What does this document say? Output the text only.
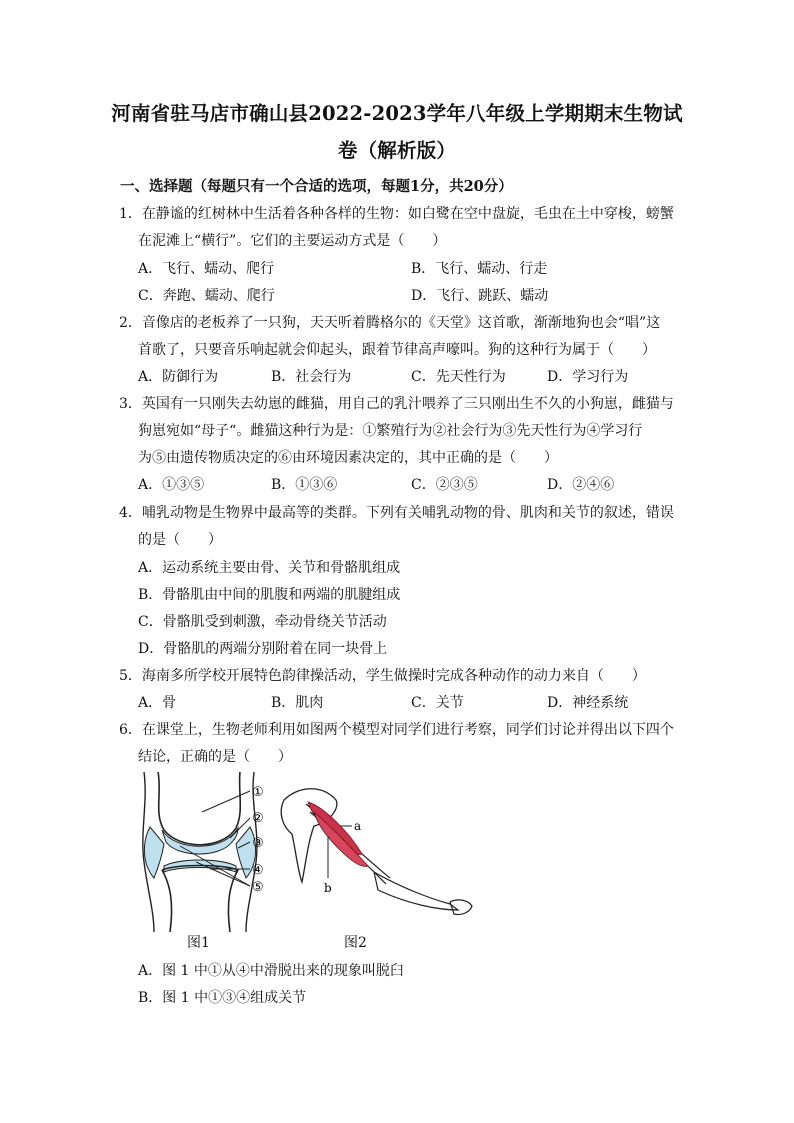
河南省驻马店市确山县2022-2023学年八年级上学期期末生物试
卷（解析版）
一、选择题（每题只有一个合适的选项，每题1分，共20分）
1．在静谧的红树林中生活着各种各样的生物：如白鹭在空中盘旋，毛虫在土中穿梭，螃蟹
在泥滩上“横行”。它们的主要运动方式是（　　）
A．飞行、蠕动、爬行	B．飞行、蠕动、行走
C．奔跑、蠕动、爬行	D．飞行、跳跃、蠕动
2．音像店的老板养了一只狗，天天听着腾格尔的《天堂》这首歌，渐渐地狗也会“唱”这
首歌了，只要音乐响起就会仰起头，跟着节律高声嚎叫。狗的这种行为属于（　　）
A．防御行为	B．社会行为	C．先天性行为	D．学习行为
3．英国有一只刚失去幼崽的雌猫，用自己的乳汁喂养了三只刚出生不久的小狗崽，雌猫与
狗崽宛如“母子“。雌猫这种行为是：①繁殖行为②社会行为③先天性行为④学习行
为⑤由遗传物质决定的⑥由环境因素决定的，其中正确的是（　　）
A．①③⑤	B．①③⑥	C．②③⑤	D．②④⑥
4．哺乳动物是生物界中最高等的类群。下列有关哺乳动物的骨、肌肉和关节的叙述，错误
的是（　　）
A．运动系统主要由骨、关节和骨骼肌组成
B．骨骼肌由中间的肌腹和两端的肌腱组成
C．骨骼肌受到刺激，牵动骨绕关节活动
D．骨骼肌的两端分别附着在同一块骨上
5．海南多所学校开展特色韵律操活动，学生做操时完成各种动作的动力来自（　　）
A．骨	B．肌肉	C．关节	D．神经系统
6．在课堂上，生物老师利用如图两个模型对同学们进行考察，同学们讨论并得出以下四个
结论，正确的是（　　）
①
②
③
④
⑤
a
b
图1	图2
A．图 1 中①从④中滑脱出来的现象叫脱臼
B．图 1 中①③④组成关节
